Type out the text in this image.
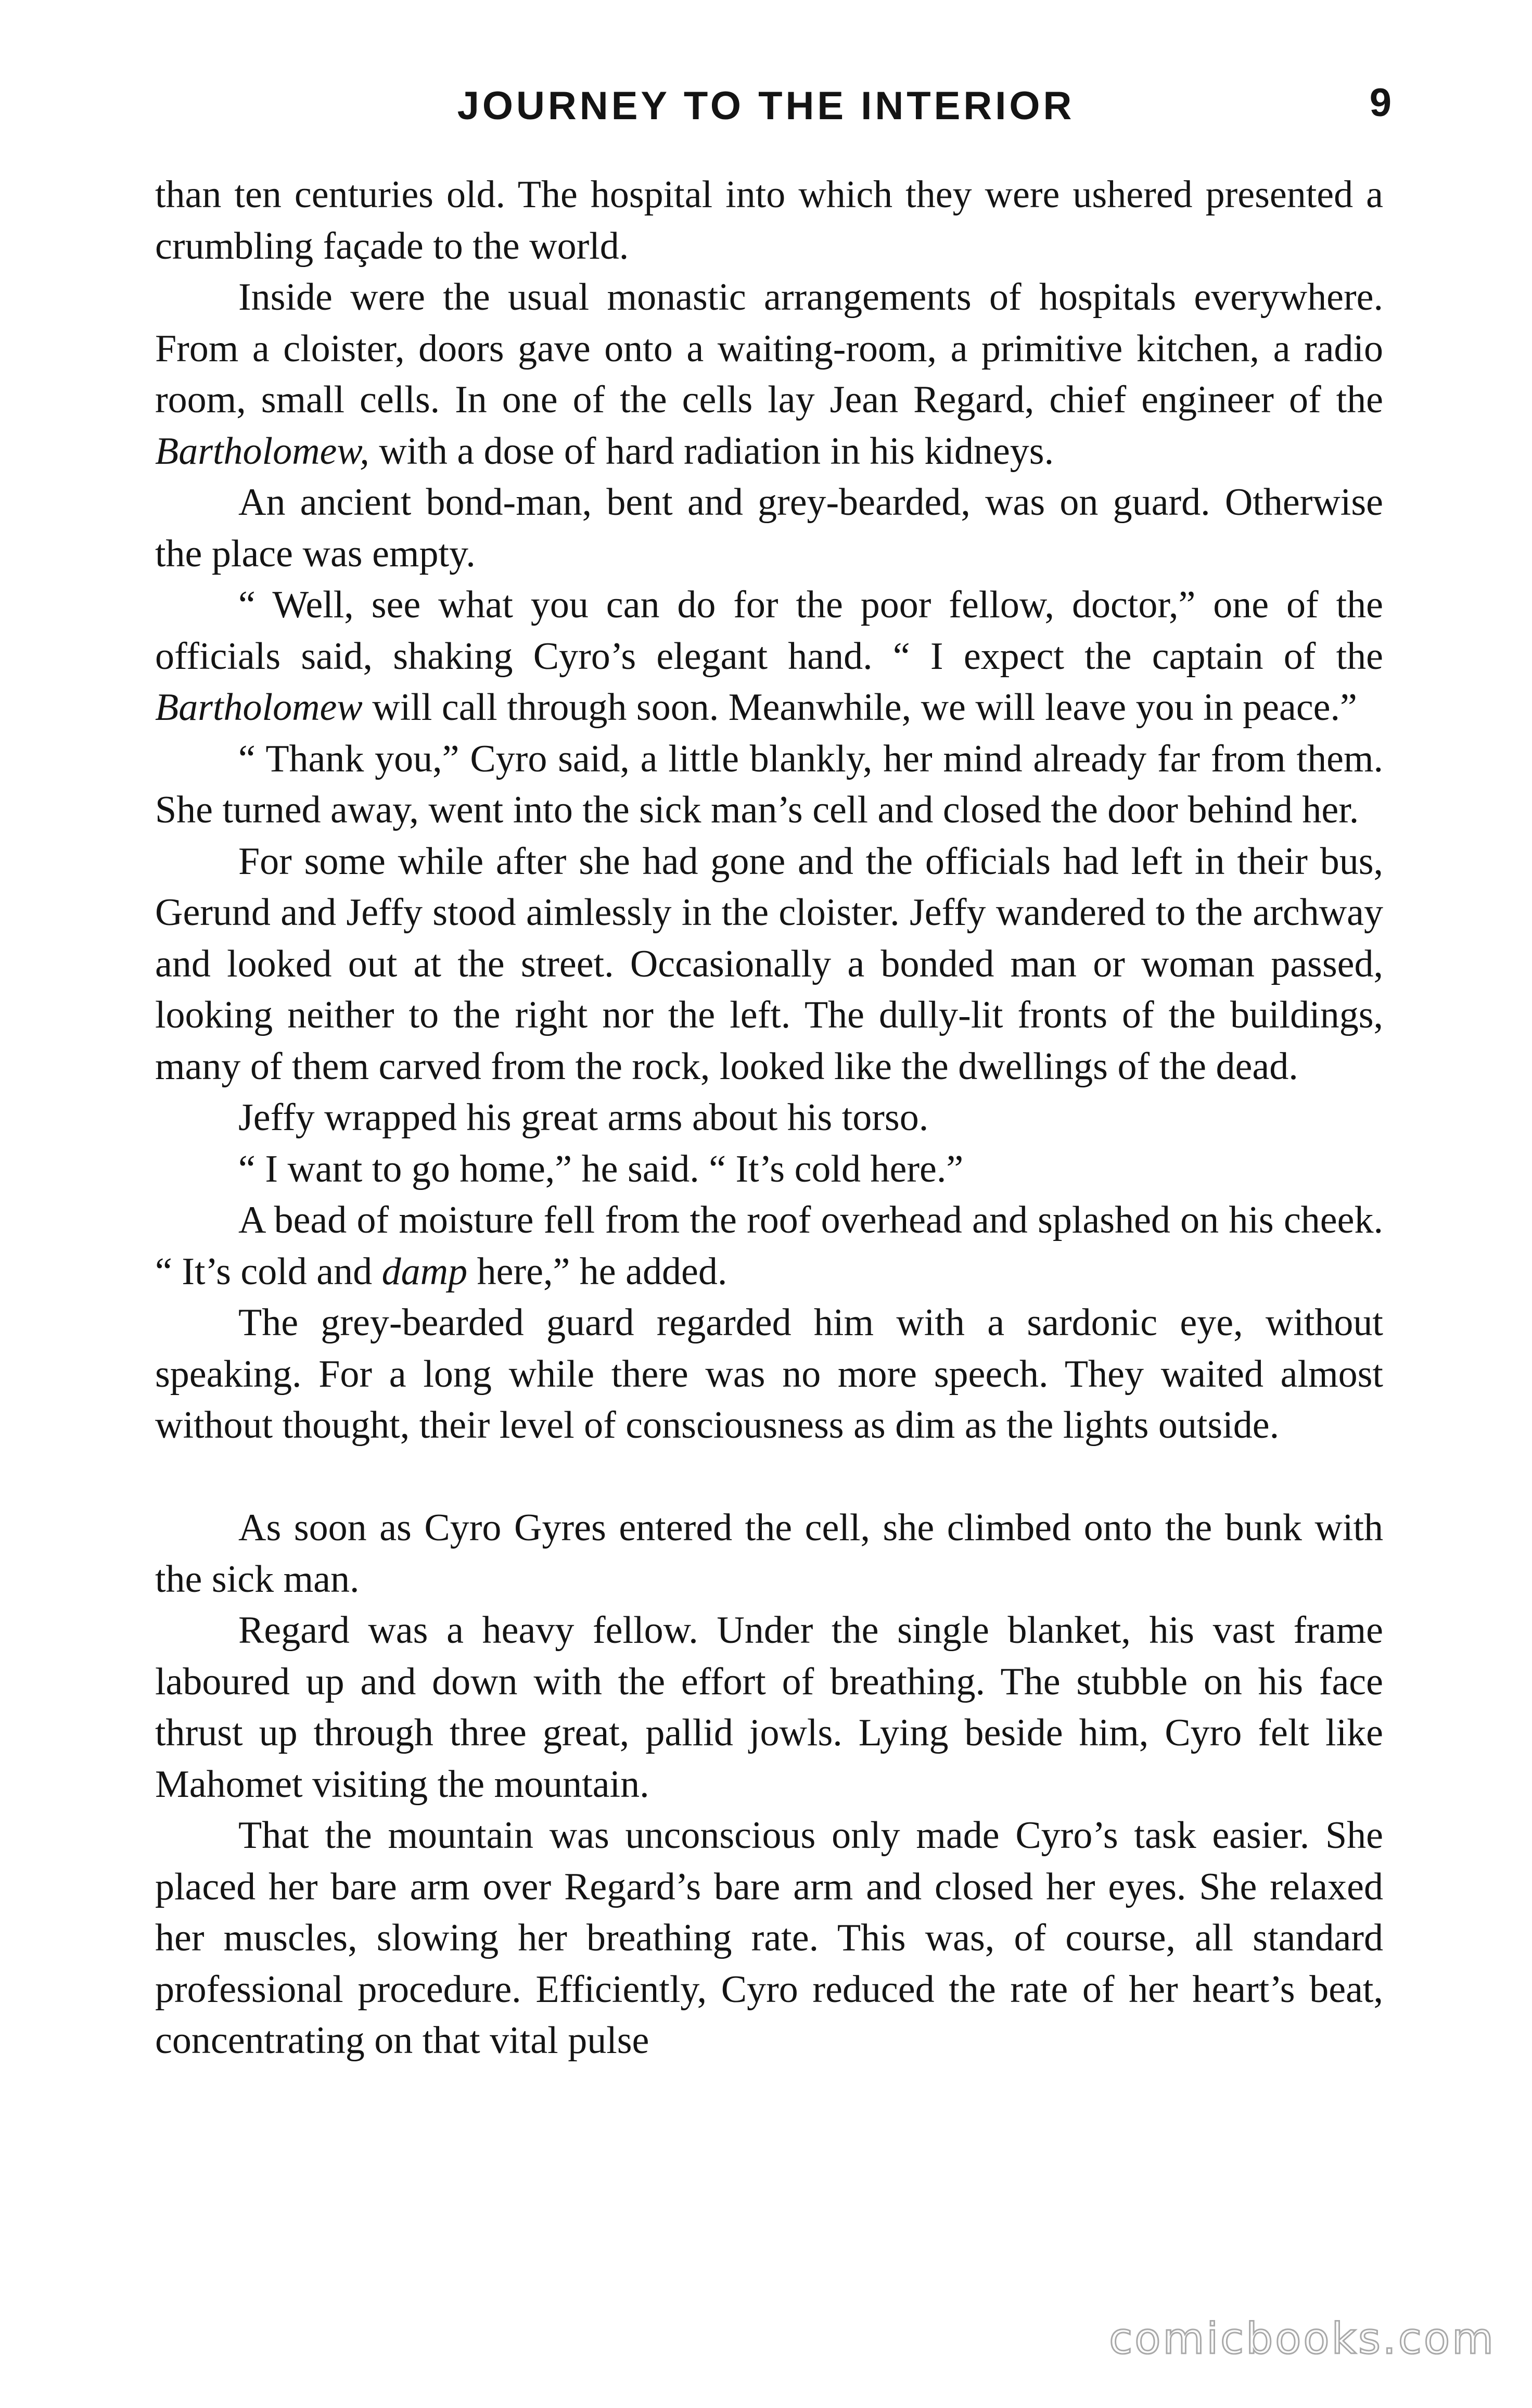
JOURNEY TO THE INTERIOR	9

than ten centuries old. The hospital into which they were ushered presented a crumbling façade to the world.

Inside were the usual monastic arrangements of hospitals everywhere. From a cloister, doors gave onto a waiting-room, a primitive kitchen, a radio room, small cells. In one of the cells lay Jean Regard, chief engineer of the Bartholomew, with a dose of hard radiation in his kidneys.

An ancient bond-man, bent and grey-bearded, was on guard. Otherwise the place was empty.

“ Well, see what you can do for the poor fellow, doctor,” one of the officials said, shaking Cyro’s elegant hand. “ I expect the captain of the Bartholomew will call through soon. Meanwhile, we will leave you in peace.”

“ Thank you,” Cyro said, a little blankly, her mind already far from them. She turned away, went into the sick man’s cell and closed the door behind her.

For some while after she had gone and the officials had left in their bus, Gerund and Jeffy stood aimlessly in the cloister. Jeffy wandered to the archway and looked out at the street. Occasionally a bonded man or woman passed, looking neither to the right nor the left. The dully-lit fronts of the buildings, many of them carved from the rock, looked like the dwellings of the dead.

Jeffy wrapped his great arms about his torso.

“ I want to go home,” he said. “ It’s cold here.”

A bead of moisture fell from the roof overhead and splashed on his cheek. “ It’s cold and damp here,” he added.

The grey-bearded guard regarded him with a sardonic eye, without speaking. For a long while there was no more speech. They waited almost without thought, their level of consciousness as dim as the lights outside.

As soon as Cyro Gyres entered the cell, she climbed onto the bunk with the sick man.

Regard was a heavy fellow. Under the single blanket, his vast frame laboured up and down with the effort of breathing. The stubble on his face thrust up through three great, pallid jowls. Lying beside him, Cyro felt like Mahomet visiting the mountain.

That the mountain was unconscious only made Cyro’s task easier. She placed her bare arm over Regard’s bare arm and closed her eyes. She relaxed her muscles, slowing her breathing rate. This was, of course, all standard professional procedure. Efficiently, Cyro reduced the rate of her heart’s beat, concentrating on that vital pulse

comicbooks.com
